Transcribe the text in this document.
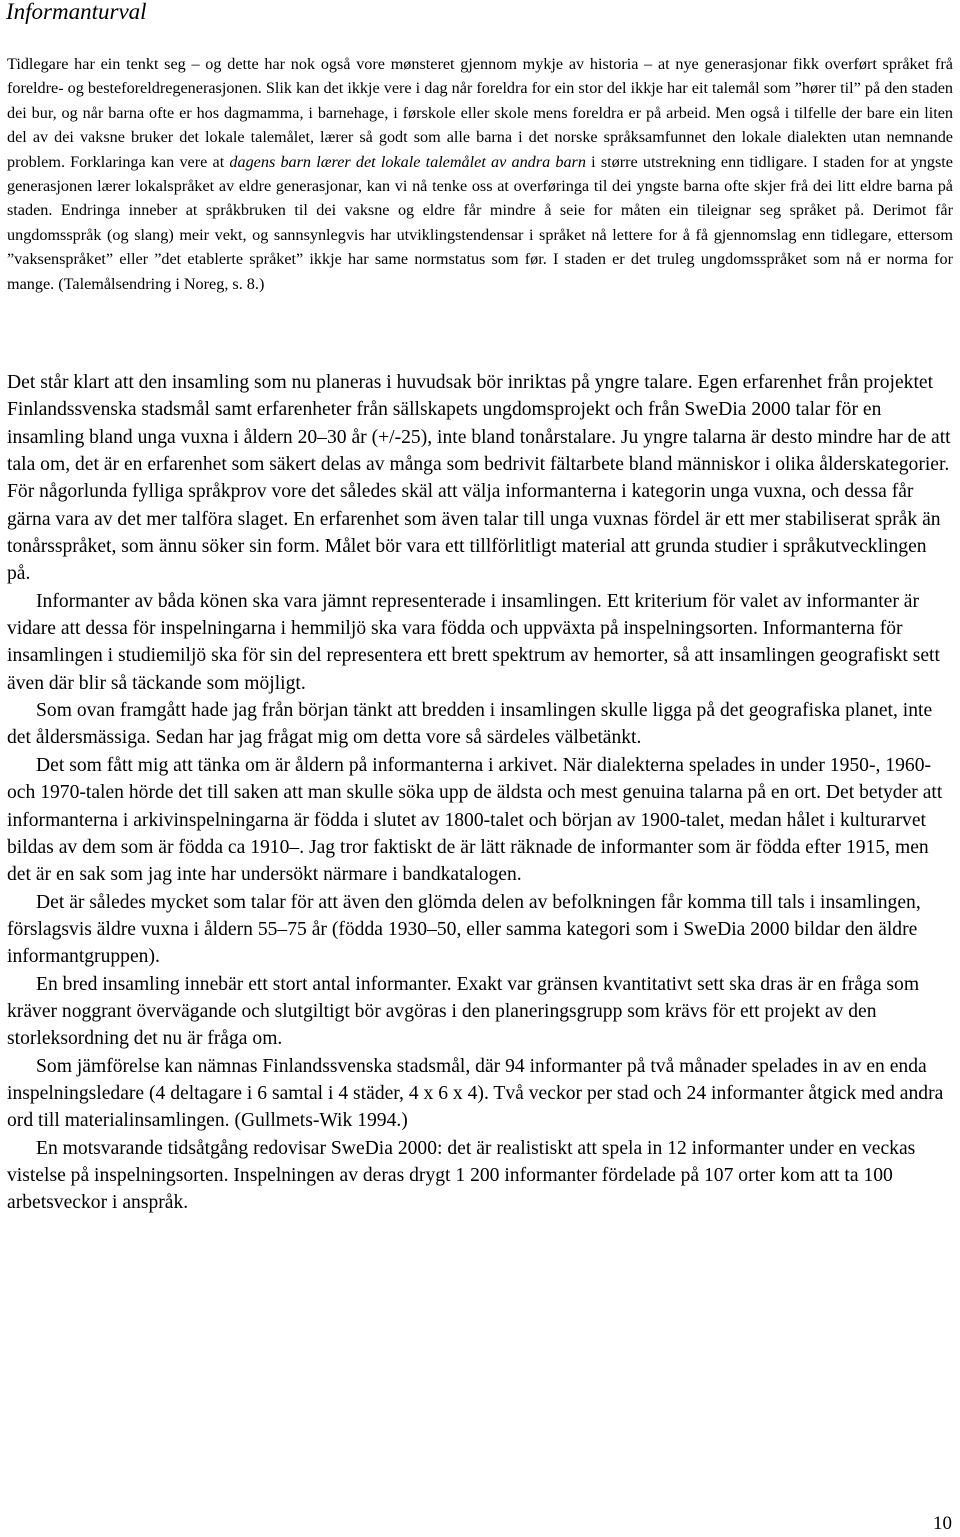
Informanturval

Tidlegare har ein tenkt seg – og dette har nok også vore mønsteret gjennom mykje av historia – at nye generasjonar fikk overført språket frå foreldre- og besteforeldregenerasjonen. Slik kan det ikkje vere i dag når foreldra for ein stor del ikkje har eit talemål som ”hører til” på den staden dei bur, og når barna ofte er hos dagmamma, i barnehage, i førskole eller skole mens foreldra er på arbeid. Men også i tilfelle der bare ein liten del av dei vaksne bruker det lokale talemålet, lærer så godt som alle barna i det norske språksamfunnet den lokale dialekten utan nemnande problem. Forklaringa kan vere at dagens barn lærer det lokale talemålet av andra barn i større utstrekning enn tidligare. I staden for at yngste generasjonen lærer lokalspråket av eldre generasjonar, kan vi nå tenke oss at overføringa til dei yngste barna ofte skjer frå dei litt eldre barna på staden. Endringa inneber at språkbruken til dei vaksne og eldre får mindre å seie for måten ein tileignar seg språket på. Derimot får ungdomsspråk (og slang) meir vekt, og sannsynlegvis har utviklingstendensar i språket nå lettere for å få gjennomslag enn tidlegare, ettersom ”vaksenspråket” eller ”det etablerte språket” ikkje har same normstatus som før. I staden er det truleg ungdomsspråket som nå er norma for mange. (Talemålsendring i Noreg, s. 8.)

Det står klart att den insamling som nu planeras i huvudsak bör inriktas på yngre talare. Egen erfarenhet från projektet Finlandssvenska stadsmål samt erfarenheter från sällskapets ungdomsprojekt och från SweDia 2000 talar för en insamling bland unga vuxna i åldern 20–30 år (+/-25), inte bland tonårstalare. Ju yngre talarna är desto mindre har de att tala om, det är en erfarenhet som säkert delas av många som bedrivit fältarbete bland människor i olika ålderskategorier. För någorlunda fylliga språkprov vore det således skäl att välja informanterna i kategorin unga vuxna, och dessa får gärna vara av det mer talföra slaget. En erfarenhet som även talar till unga vuxnas fördel är ett mer stabiliserat språk än tonårsspråket, som ännu söker sin form. Målet bör vara ett tillförlitligt material att grunda studier i språkutvecklingen på.

Informanter av båda könen ska vara jämnt representerade i insamlingen. Ett kriterium för valet av informanter är vidare att dessa för inspelningarna i hemmiljö ska vara födda och uppväxta på inspelningsorten. Informanterna för insamlingen i studiemiljö ska för sin del representera ett brett spektrum av hemorter, så att insamlingen geografiskt sett även där blir så täckande som möjligt.

Som ovan framgått hade jag från början tänkt att bredden i insamlingen skulle ligga på det geografiska planet, inte det åldersmässiga. Sedan har jag frågat mig om detta vore så särdeles välbetänkt.

Det som fått mig att tänka om är åldern på informanterna i arkivet. När dialekterna spelades in under 1950-, 1960- och 1970-talen hörde det till saken att man skulle söka upp de äldsta och mest genuina talarna på en ort. Det betyder att informanterna i arkivinspelningarna är födda i slutet av 1800-talet och början av 1900-talet, medan hålet i kulturarvet bildas av dem som är födda ca 1910–. Jag tror faktiskt de är lätt räknade de informanter som är födda efter 1915, men det är en sak som jag inte har undersökt närmare i bandkatalogen.

Det är således mycket som talar för att även den glömda delen av befolkningen får komma till tals i insamlingen, förslagsvis äldre vuxna i åldern 55–75 år (födda 1930–50, eller samma kategori som i SweDia 2000 bildar den äldre informantgruppen).

En bred insamling innebär ett stort antal informanter. Exakt var gränsen kvantitativt sett ska dras är en fråga som kräver noggrant övervägande och slutgiltigt bör avgöras i den planeringsgrupp som krävs för ett projekt av den storleksordning det nu är fråga om.

Som jämförelse kan nämnas Finlandssvenska stadsmål, där 94 informanter på två månader spelades in av en enda inspelningsledare (4 deltagare i 6 samtal i 4 städer, 4 x 6 x 4). Två veckor per stad och 24 informanter åtgick med andra ord till materialinsamlingen. (Gullmets-Wik 1994.)

En motsvarande tidsåtgång redovisar SweDia 2000: det är realistiskt att spela in 12 informanter under en veckas vistelse på inspelningsorten. Inspelningen av deras drygt 1 200 informanter fördelade på 107 orter kom att ta 100 arbetsveckor i anspråk.

10
